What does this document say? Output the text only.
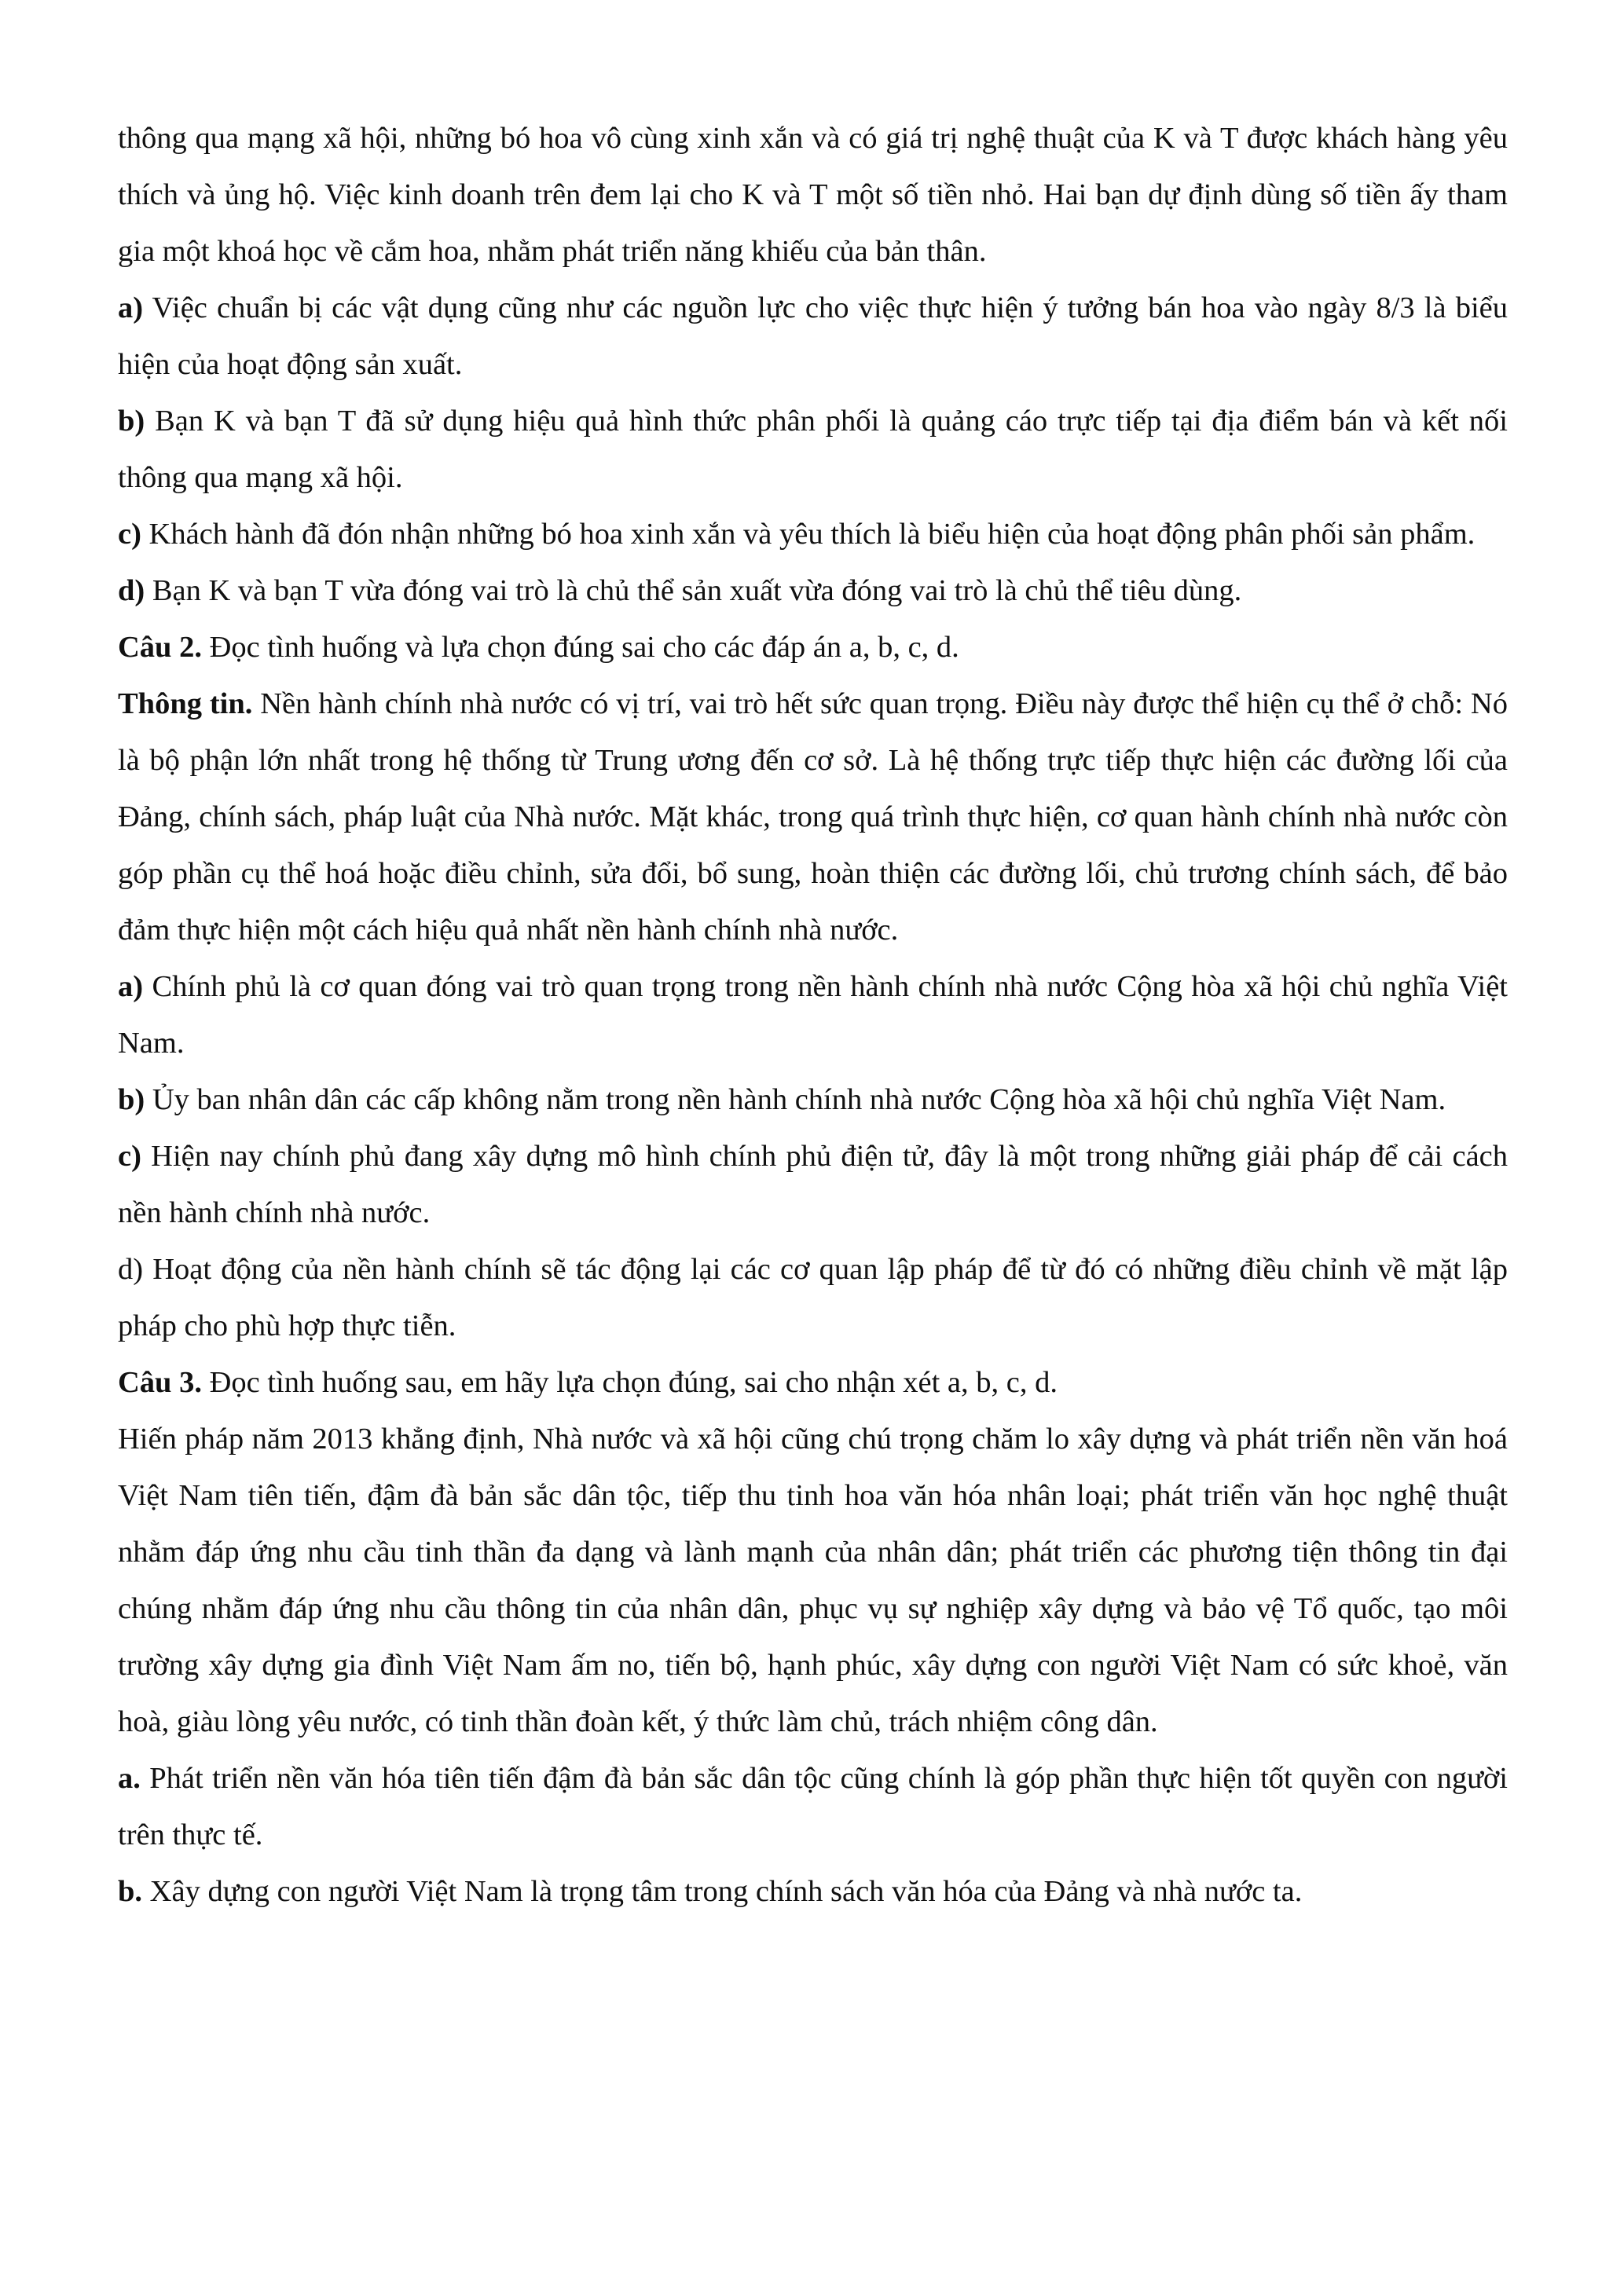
thông qua mạng xã hội, những bó hoa vô cùng xinh xắn và có giá trị nghệ thuật của K và T được khách hàng yêu thích và ủng hộ. Việc kinh doanh trên đem lại cho K và T một số tiền nhỏ. Hai bạn dự định dùng số tiền ấy tham gia một khoá học về cắm hoa, nhằm phát triển năng khiếu của bản thân.

a) Việc chuẩn bị các vật dụng cũng như các nguồn lực cho việc thực hiện ý tưởng bán hoa vào ngày 8/3 là biểu hiện của hoạt động sản xuất.

b) Bạn K và bạn T đã sử dụng hiệu quả hình thức phân phối là quảng cáo trực tiếp tại địa điểm bán và kết nối thông qua mạng xã hội.

c) Khách hành đã đón nhận những bó hoa xinh xắn và yêu thích là biểu hiện của hoạt động phân phối sản phẩm.

d) Bạn K và bạn T vừa đóng vai trò là chủ thể sản xuất vừa đóng vai trò là chủ thể tiêu dùng.

Câu 2. Đọc tình huống và lựa chọn đúng sai cho các đáp án a, b, c, d.

Thông tin. Nền hành chính nhà nước có vị trí, vai trò hết sức quan trọng. Điều này được thể hiện cụ thể ở chỗ: Nó là bộ phận lớn nhất trong hệ thống từ Trung ương đến cơ sở. Là hệ thống trực tiếp thực hiện các đường lối của Đảng, chính sách, pháp luật của Nhà nước. Mặt khác, trong quá trình thực hiện, cơ quan hành chính nhà nước còn góp phần cụ thể hoá hoặc điều chỉnh, sửa đổi, bổ sung, hoàn thiện các đường lối, chủ trương chính sách, để bảo đảm thực hiện một cách hiệu quả nhất nền hành chính nhà nước.

a) Chính phủ là cơ quan đóng vai trò quan trọng trong nền hành chính nhà nước Cộng hòa xã hội chủ nghĩa Việt Nam.

b) Ủy ban nhân dân các cấp không nằm trong nền hành chính nhà nước Cộng hòa xã hội chủ nghĩa Việt Nam.

c) Hiện nay chính phủ đang xây dựng mô hình chính phủ điện tử, đây là một trong những giải pháp để cải cách nền hành chính nhà nước.

d) Hoạt động của nền hành chính sẽ tác động lại các cơ quan lập pháp để từ đó có những điều chỉnh về mặt lập pháp cho phù hợp thực tiễn.

Câu 3. Đọc tình huống sau, em hãy lựa chọn đúng, sai cho nhận xét a, b, c, d.

Hiến pháp năm 2013 khẳng định, Nhà nước và xã hội cũng chú trọng chăm lo xây dựng và phát triển nền văn hoá Việt Nam tiên tiến, đậm đà bản sắc dân tộc, tiếp thu tinh hoa văn hóa nhân loại; phát triển văn học nghệ thuật nhằm đáp ứng nhu cầu tinh thần đa dạng và lành mạnh của nhân dân; phát triển các phương tiện thông tin đại chúng nhằm đáp ứng nhu cầu thông tin của nhân dân, phục vụ sự nghiệp xây dựng và bảo vệ Tổ quốc, tạo môi trường xây dựng gia đình Việt Nam ấm no, tiến bộ, hạnh phúc, xây dựng con người Việt Nam có sức khoẻ, văn hoà, giàu lòng yêu nước, có tinh thần đoàn kết, ý thức làm chủ, trách nhiệm công dân.

a. Phát triển nền văn hóa tiên tiến đậm đà bản sắc dân tộc cũng chính là góp phần thực hiện tốt quyền con người trên thực tế.

b. Xây dựng con người Việt Nam là trọng tâm trong chính sách văn hóa của Đảng và nhà nước ta.
